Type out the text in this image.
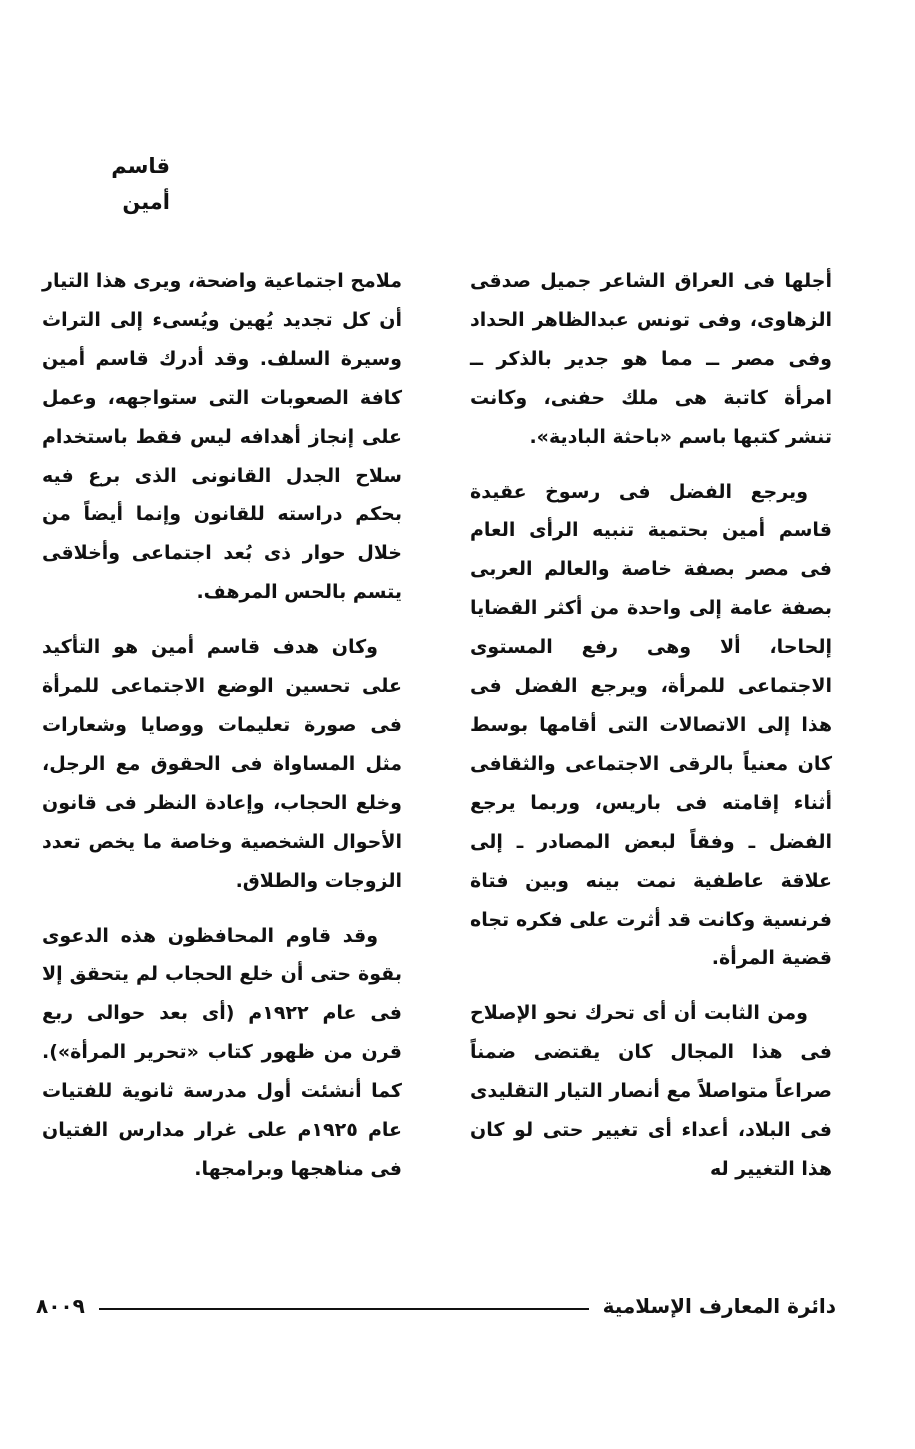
قاسم أمين

أجلها فى العراق الشاعر جميل صدقى الزهاوى، وفى تونس عبدالظاهر الحداد وفى مصر ــ مما هو جدير بالذكر ــ امرأة كاتبة هى ملك حفنى، وكانت تنشر كتبها باسم «باحثة البادية».

ويرجع الفضل فى رسوخ عقيدة قاسم أمين بحتمية تنبيه الرأى العام فى مصر بصفة خاصة والعالم العربى بصفة عامة إلى واحدة من أكثر القضايا إلحاحا، ألا وهى رفع المستوى الاجتماعى للمرأة، ويرجع الفضل فى هذا إلى الاتصالات التى أقامها بوسط كان معنياً بالرقى الاجتماعى والثقافى أثناء إقامته فى باريس، وربما يرجع الفضل ـ وفقاً لبعض المصادر ـ إلى علاقة عاطفية نمت بينه وبين فتاة فرنسية وكانت قد أثرت على فكره تجاه قضية المرأة.

ومن الثابت أن أى تحرك نحو الإصلاح فى هذا المجال كان يقتضى ضمناً صراعاً متواصلاً مع أنصار التيار التقليدى فى البلاد، أعداء أى تغيير حتى لو كان هذا التغيير له

ملامح اجتماعية واضحة، ويرى هذا التيار أن كل تجديد يُهين ويُسىء إلى التراث وسيرة السلف. وقد أدرك قاسم أمين كافة الصعوبات التى ستواجهه، وعمل على إنجاز أهدافه ليس فقط باستخدام سلاح الجدل القانونى الذى برع فيه بحكم دراسته للقانون وإنما أيضاً من خلال حوار ذى بُعد اجتماعى وأخلاقى يتسم بالحس المرهف.

وكان هدف قاسم أمين هو التأكيد على تحسين الوضع الاجتماعى للمرأة فى صورة تعليمات ووصايا وشعارات مثل المساواة فى الحقوق مع الرجل، وخلع الحجاب، وإعادة النظر فى قانون الأحوال الشخصية وخاصة ما يخص تعدد الزوجات والطلاق.

وقد قاوم المحافظون هذه الدعوى بقوة حتى أن خلع الحجاب لم يتحقق إلا فى عام ١٩٢٢م (أى بعد حوالى ربع قرن من ظهور كتاب «تحرير المرأة»). كما أنشئت أول مدرسة ثانوية للفتيات عام ١٩٢٥م على غرار مدارس الفتيان فى مناهجها وبرامجها.

دائرة المعارف الإسلامية
٨٠٠٩
